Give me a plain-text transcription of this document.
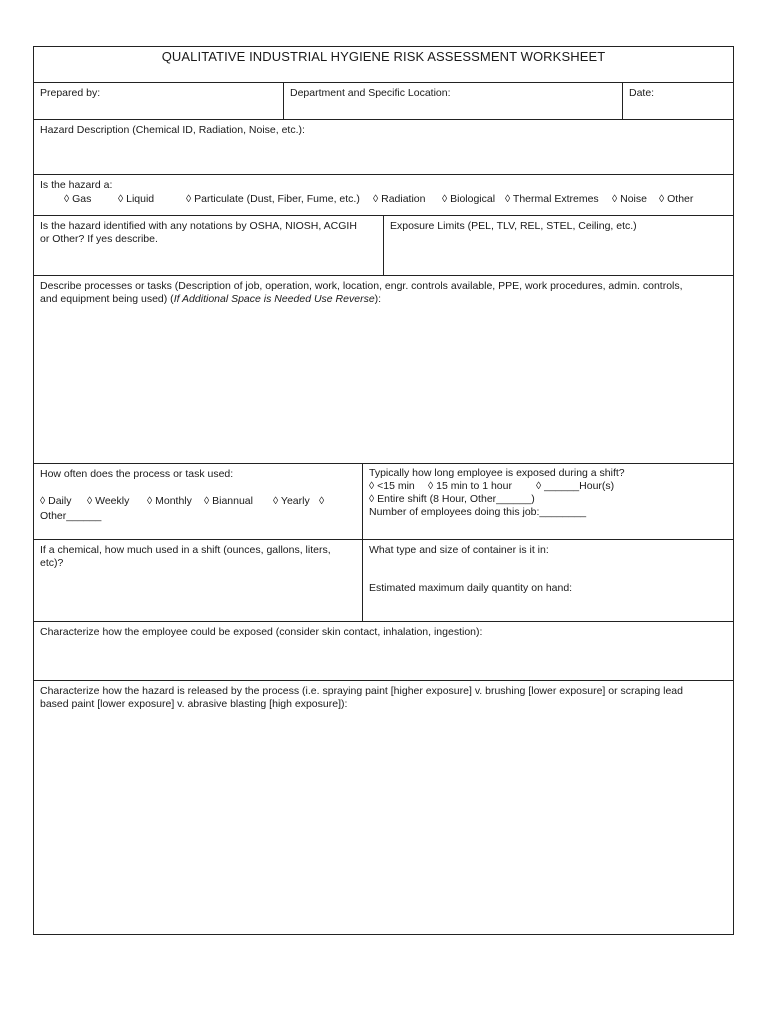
QUALITATIVE INDUSTRIAL HYGIENE RISK ASSESSMENT WORKSHEET
Prepared by:	Department and Specific Location:	Date:
Hazard Description (Chemical ID, Radiation, Noise, etc.):
Is the hazard a:
◊ Gas	◊ Liquid	◊ Particulate (Dust, Fiber, Fume, etc.) ◊ Radiation ◊ Biological ◊ Thermal Extremes ◊ Noise ◊ Other
Is the hazard identified with any notations by OSHA, NIOSH, ACGIH
or Other? If yes describe.
Exposure Limits (PEL, TLV, REL, STEL, Ceiling, etc.)
Describe processes or tasks (Description of job, operation, work, location, engr. controls available, PPE, work procedures, admin. controls,
and equipment being used) (If Additional Space is Needed Use Reverse):
How often does the process or task used:
◊ Daily ◊ Weekly ◊ Monthly ◊ Biannual ◊ Yearly ◊
Other______
Typically how long employee is exposed during a shift?
◊ <15 min ◊ 15 min to 1 hour ◊ ______Hour(s)
◊ Entire shift (8 Hour, Other______)
Number of employees doing this job:________
If a chemical, how much used in a shift (ounces, gallons, liters,
etc)?
What type and size of container is it in:
Estimated maximum daily quantity on hand:
Characterize how the employee could be exposed (consider skin contact, inhalation, ingestion):
Characterize how the hazard is released by the process (i.e. spraying paint [higher exposure] v. brushing [lower exposure] or scraping lead
based paint [lower exposure] v. abrasive blasting [high exposure]):
